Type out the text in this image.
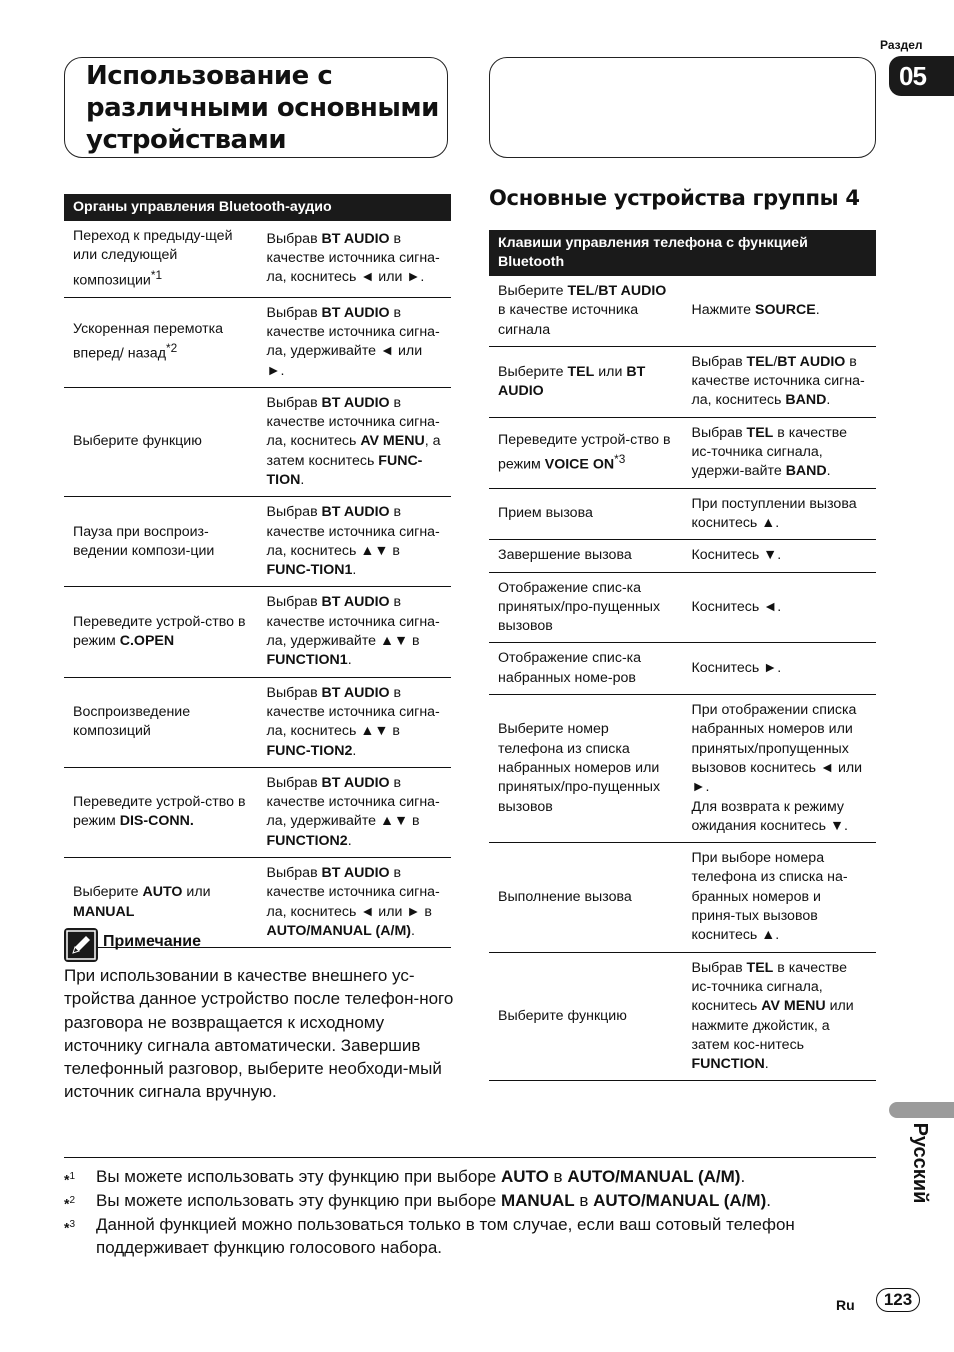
Использование с различными основными устройствами
Раздел
05
Органы управления Bluetooth-аудио	
Переход к предыду-щей или следующей композиции$^{*1}$	Выбрав BT AUDIO в качестве источника сигна-ла, коснитесь ◄ или ►.
Ускоренная перемотка вперед/ назад$^{*2}$	Выбрав BT AUDIO в качестве источника сигна-ла, удерживайте ◄ или ►.
Выберите функцию	Выбрав BT AUDIO в качестве источника сигна-ла, коснитесь AV MENU, а затем коснитесь FUNC-TION.
Пауза при воспроиз-ведении компози-ции	Выбрав BT AUDIO в качестве источника сигна-ла, коснитесь ▲▼ в FUNC-TION1.
Переведите устрой-ство в режим C.OPEN	Выбрав BT AUDIO в качестве источника сигна-ла, удерживайте ▲▼ в FUNCTION1.
Воспроизведение композиций	Выбрав BT AUDIO в качестве источника сигна-ла, коснитесь ▲▼ в FUNC-TION2.
Переведите устрой-ство в режим DIS-CONN.	Выбрав BT AUDIO в качестве источника сигна-ла, удерживайте ▲▼ в FUNCTION2.
Выберите AUTO или MANUAL	Выбрав BT AUDIO в качестве источника сигна-ла, коснитесь ◄ или ► в AUTO/MANUAL (A/M).
Основные устройства группы 4
Клавиши управления телефона с функцией Bluetooth	
Выберите TEL/BT AUDIO в качестве источника сигнала	Нажмите SOURCE.
Выберите TEL или BT AUDIO	Выбрав TEL/BT AUDIO в качестве источника сигна-ла, коснитесь BAND.
Переведите устрой-ство в режим VOICE ON$^{*3}$	Выбрав TEL в качестве ис-точника сигнала, удержи-вайте BAND.
Прием вызова	При поступлении вызова коснитесь ▲.
Завершение вызова	Коснитесь ▼.
Отображение спис-ка принятых/про-пущенных вызовов	Коснитесь ◄.
Отображение спис-ка набранных номе-ров	Коснитесь ►.
Выберите номер телефона из списка набранных номеров или принятых/про-пущенных вызовов	При отображении списка набранных номеров или принятых/пропущенных вызовов коснитесь ◄ или ►.
Для возврата к режиму ожидания коснитесь ▼.
Выполнение вызова	При выборе номера телефона из списка на-бранных номеров и приня-тых вызовов коснитесь ▲.
Выберите функцию	Выбрав TEL в качестве ис-точника сигнала, коснитесь AV MENU или нажмите джойстик, а затем кос-нитесь FUNCTION.
Примечание
При использовании в качестве внешнего ус-тройства данное устройство после телефон-ного разговора не возвращается к исходному источнику сигнала автоматически. Завершив телефонный разговор, выберите необходи-мый источник сигнала вручную.
*$^1$	Вы можете использовать эту функцию при выборе AUTO в AUTO/MANUAL (A/M).
*$^2$	Вы можете использовать эту функцию при выборе MANUAL в AUTO/MANUAL (A/M).
*$^3$	Данной функцией можно пользоваться только в том случае, если ваш сотовый телефон поддерживает функцию голосового набора.
Русский
Ru	123
